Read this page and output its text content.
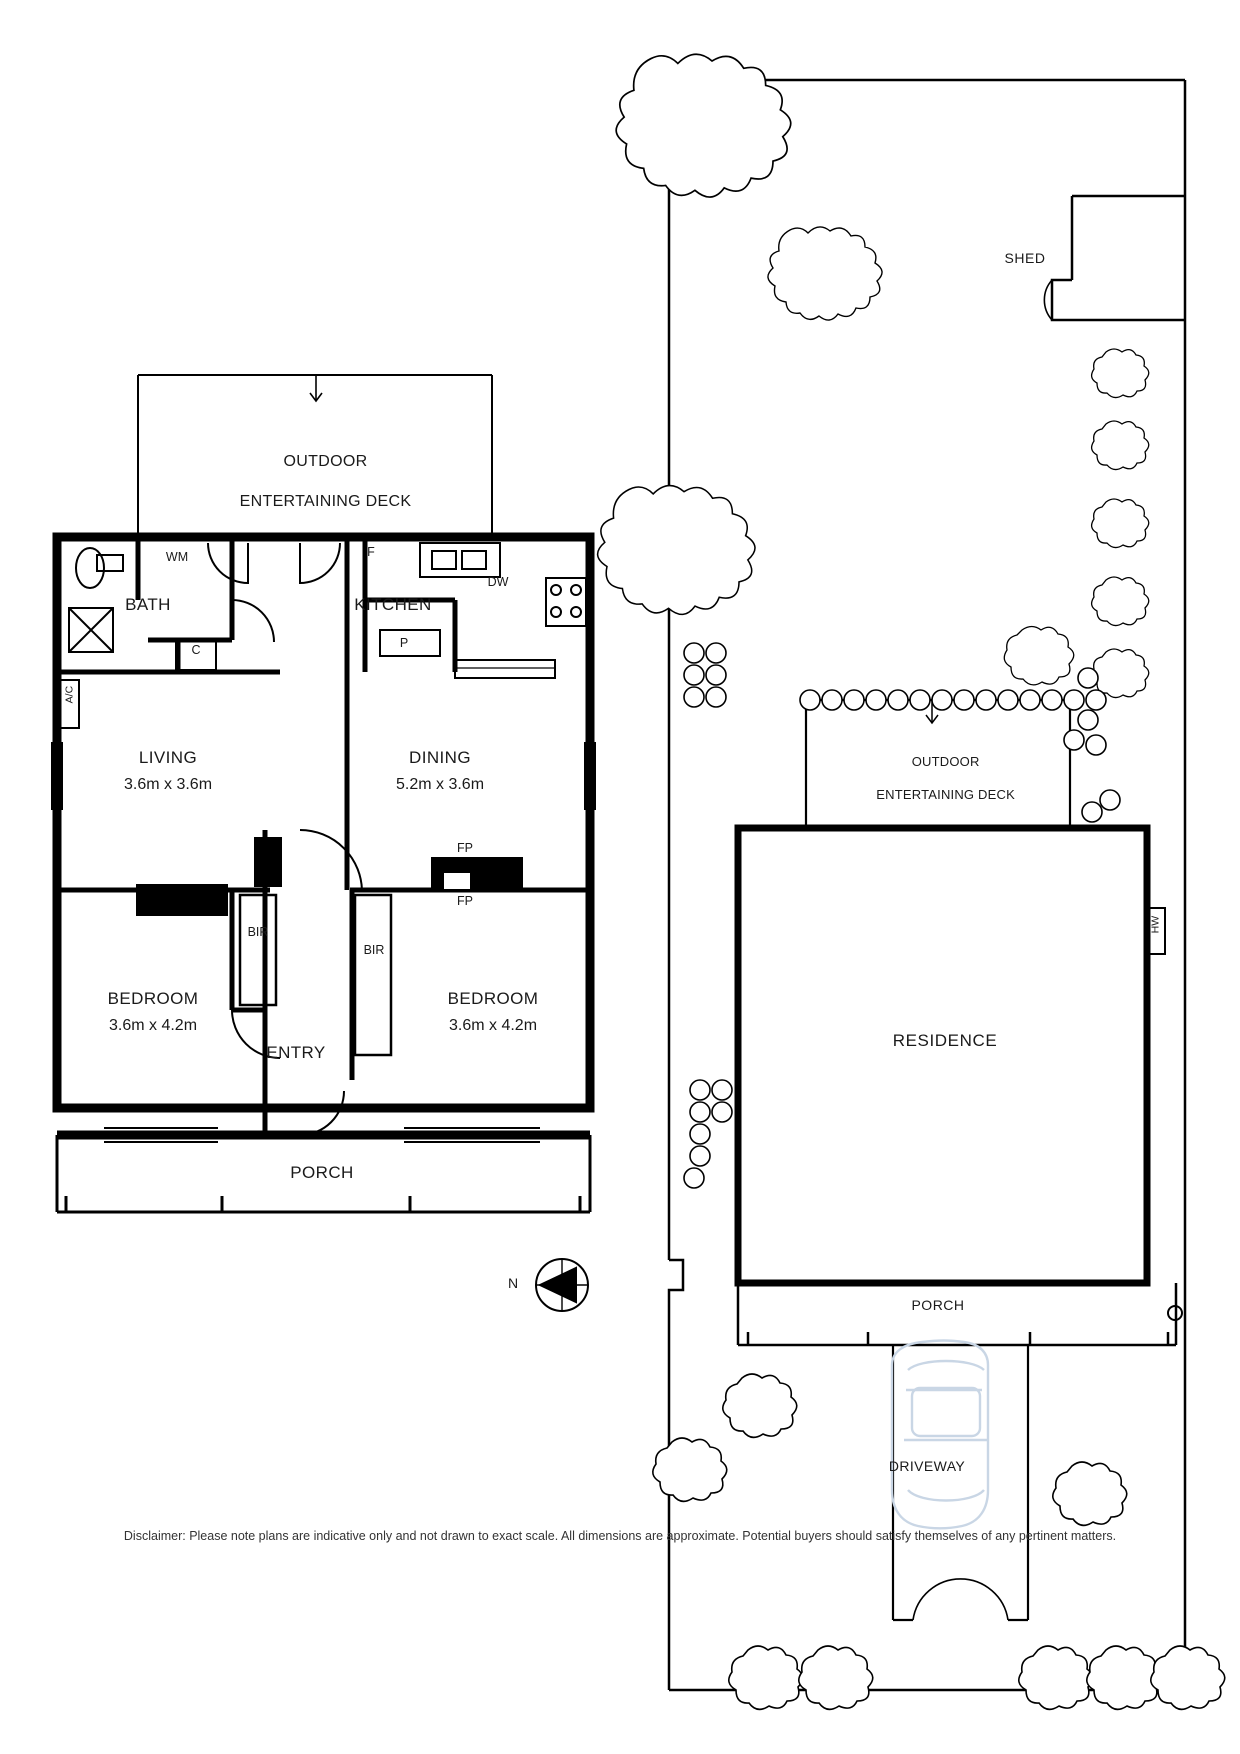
OUTDOOR

ENTERTAINING DECK

BATH	KITCHEN
LIVING
3.6m x 3.6m
DINING
5.2m x 3.6m
BEDROOM
3.6m x 4.2m
BEDROOM
3.6m x 4.2m
ENTRY
PORCH
WM	F
DW
C	P
A/C
BIR
BIR
FP
FP
N
SHED

OUTDOOR

ENTERTAINING DECK

RESIDENCE
PORCH
DRIVEWAY
HW
Disclaimer: Please note plans are indicative only and not drawn to exact scale. All dimensions are approximate. Potential buyers should satisfy themselves of any pertinent matters.
